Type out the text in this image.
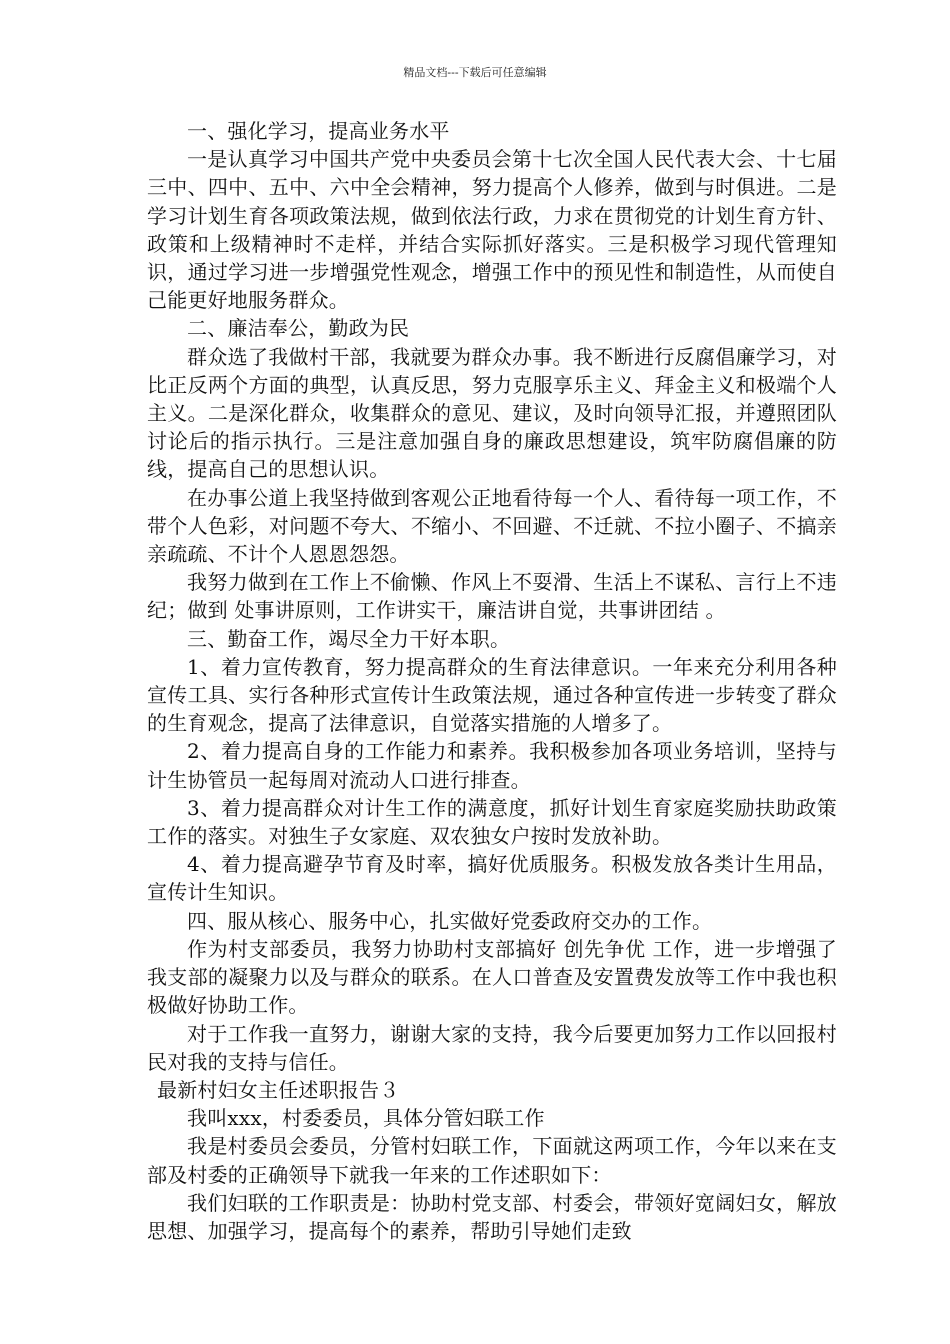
精品文档---下载后可任意编辑

一、强化学习，提高业务水平

一是认真学习中国共产党中央委员会第十七次全国人民代表大会、十七届三中、四中、五中、六中全会精神，努力提高个人修养，做到与时俱进。二是学习计划生育各项政策法规，做到依法行政，力求在贯彻党的计划生育方针、政策和上级精神时不走样，并结合实际抓好落实。三是积极学习现代管理知识，通过学习进一步增强党性观念，增强工作中的预见性和制造性，从而使自己能更好地服务群众。

二、廉洁奉公，勤政为民

群众选了我做村干部，我就要为群众办事。我不断进行反腐倡廉学习，对比正反两个方面的典型，认真反思，努力克服享乐主义、拜金主义和极端个人主义。二是深化群众，收集群众的意见、建议，及时向领导汇报，并遵照团队讨论后的指示执行。三是注意加强自身的廉政思想建设，筑牢防腐倡廉的防线，提高自己的思想认识。

在办事公道上我坚持做到客观公正地看待每一个人、看待每一项工作，不带个人色彩，对问题不夸大、不缩小、不回避、不迁就、不拉小圈子、不搞亲亲疏疏、不计个人恩恩怨怨。

我努力做到在工作上不偷懒、作风上不耍滑、生活上不谋私、言行上不违纪；做到 处事讲原则，工作讲实干，廉洁讲自觉，共事讲团结 。

三、勤奋工作，竭尽全力干好本职。

1、着力宣传教育，努力提高群众的生育法律意识。一年来充分利用各种宣传工具、实行各种形式宣传计生政策法规，通过各种宣传进一步转变了群众的生育观念，提高了法律意识，自觉落实措施的人增多了。

2、着力提高自身的工作能力和素养。我积极参加各项业务培训，坚持与计生协管员一起每周对流动人口进行排查。

3、着力提高群众对计生工作的满意度，抓好计划生育家庭奖励扶助政策工作的落实。对独生子女家庭、双农独女户按时发放补助。

4、着力提高避孕节育及时率，搞好优质服务。积极发放各类计生用品，宣传计生知识。

四、服从核心、服务中心，扎实做好党委政府交办的工作。

作为村支部委员，我努力协助村支部搞好 创先争优 工作，进一步增强了我支部的凝聚力以及与群众的联系。在人口普查及安置费发放等工作中我也积极做好协助工作。

对于工作我一直努力，谢谢大家的支持，我今后要更加努力工作以回报村民对我的支持与信任。

最新村妇女主任述职报告３

我叫xxx，村委委员，具体分管妇联工作

我是村委员会委员，分管村妇联工作，下面就这两项工作，今年以来在支部及村委的正确领导下就我一年来的工作述职如下：

我们妇联的工作职责是：协助村党支部、村委会，带领好宽阔妇女，解放思想、加强学习，提高每个的素养，帮助引导她们走致
